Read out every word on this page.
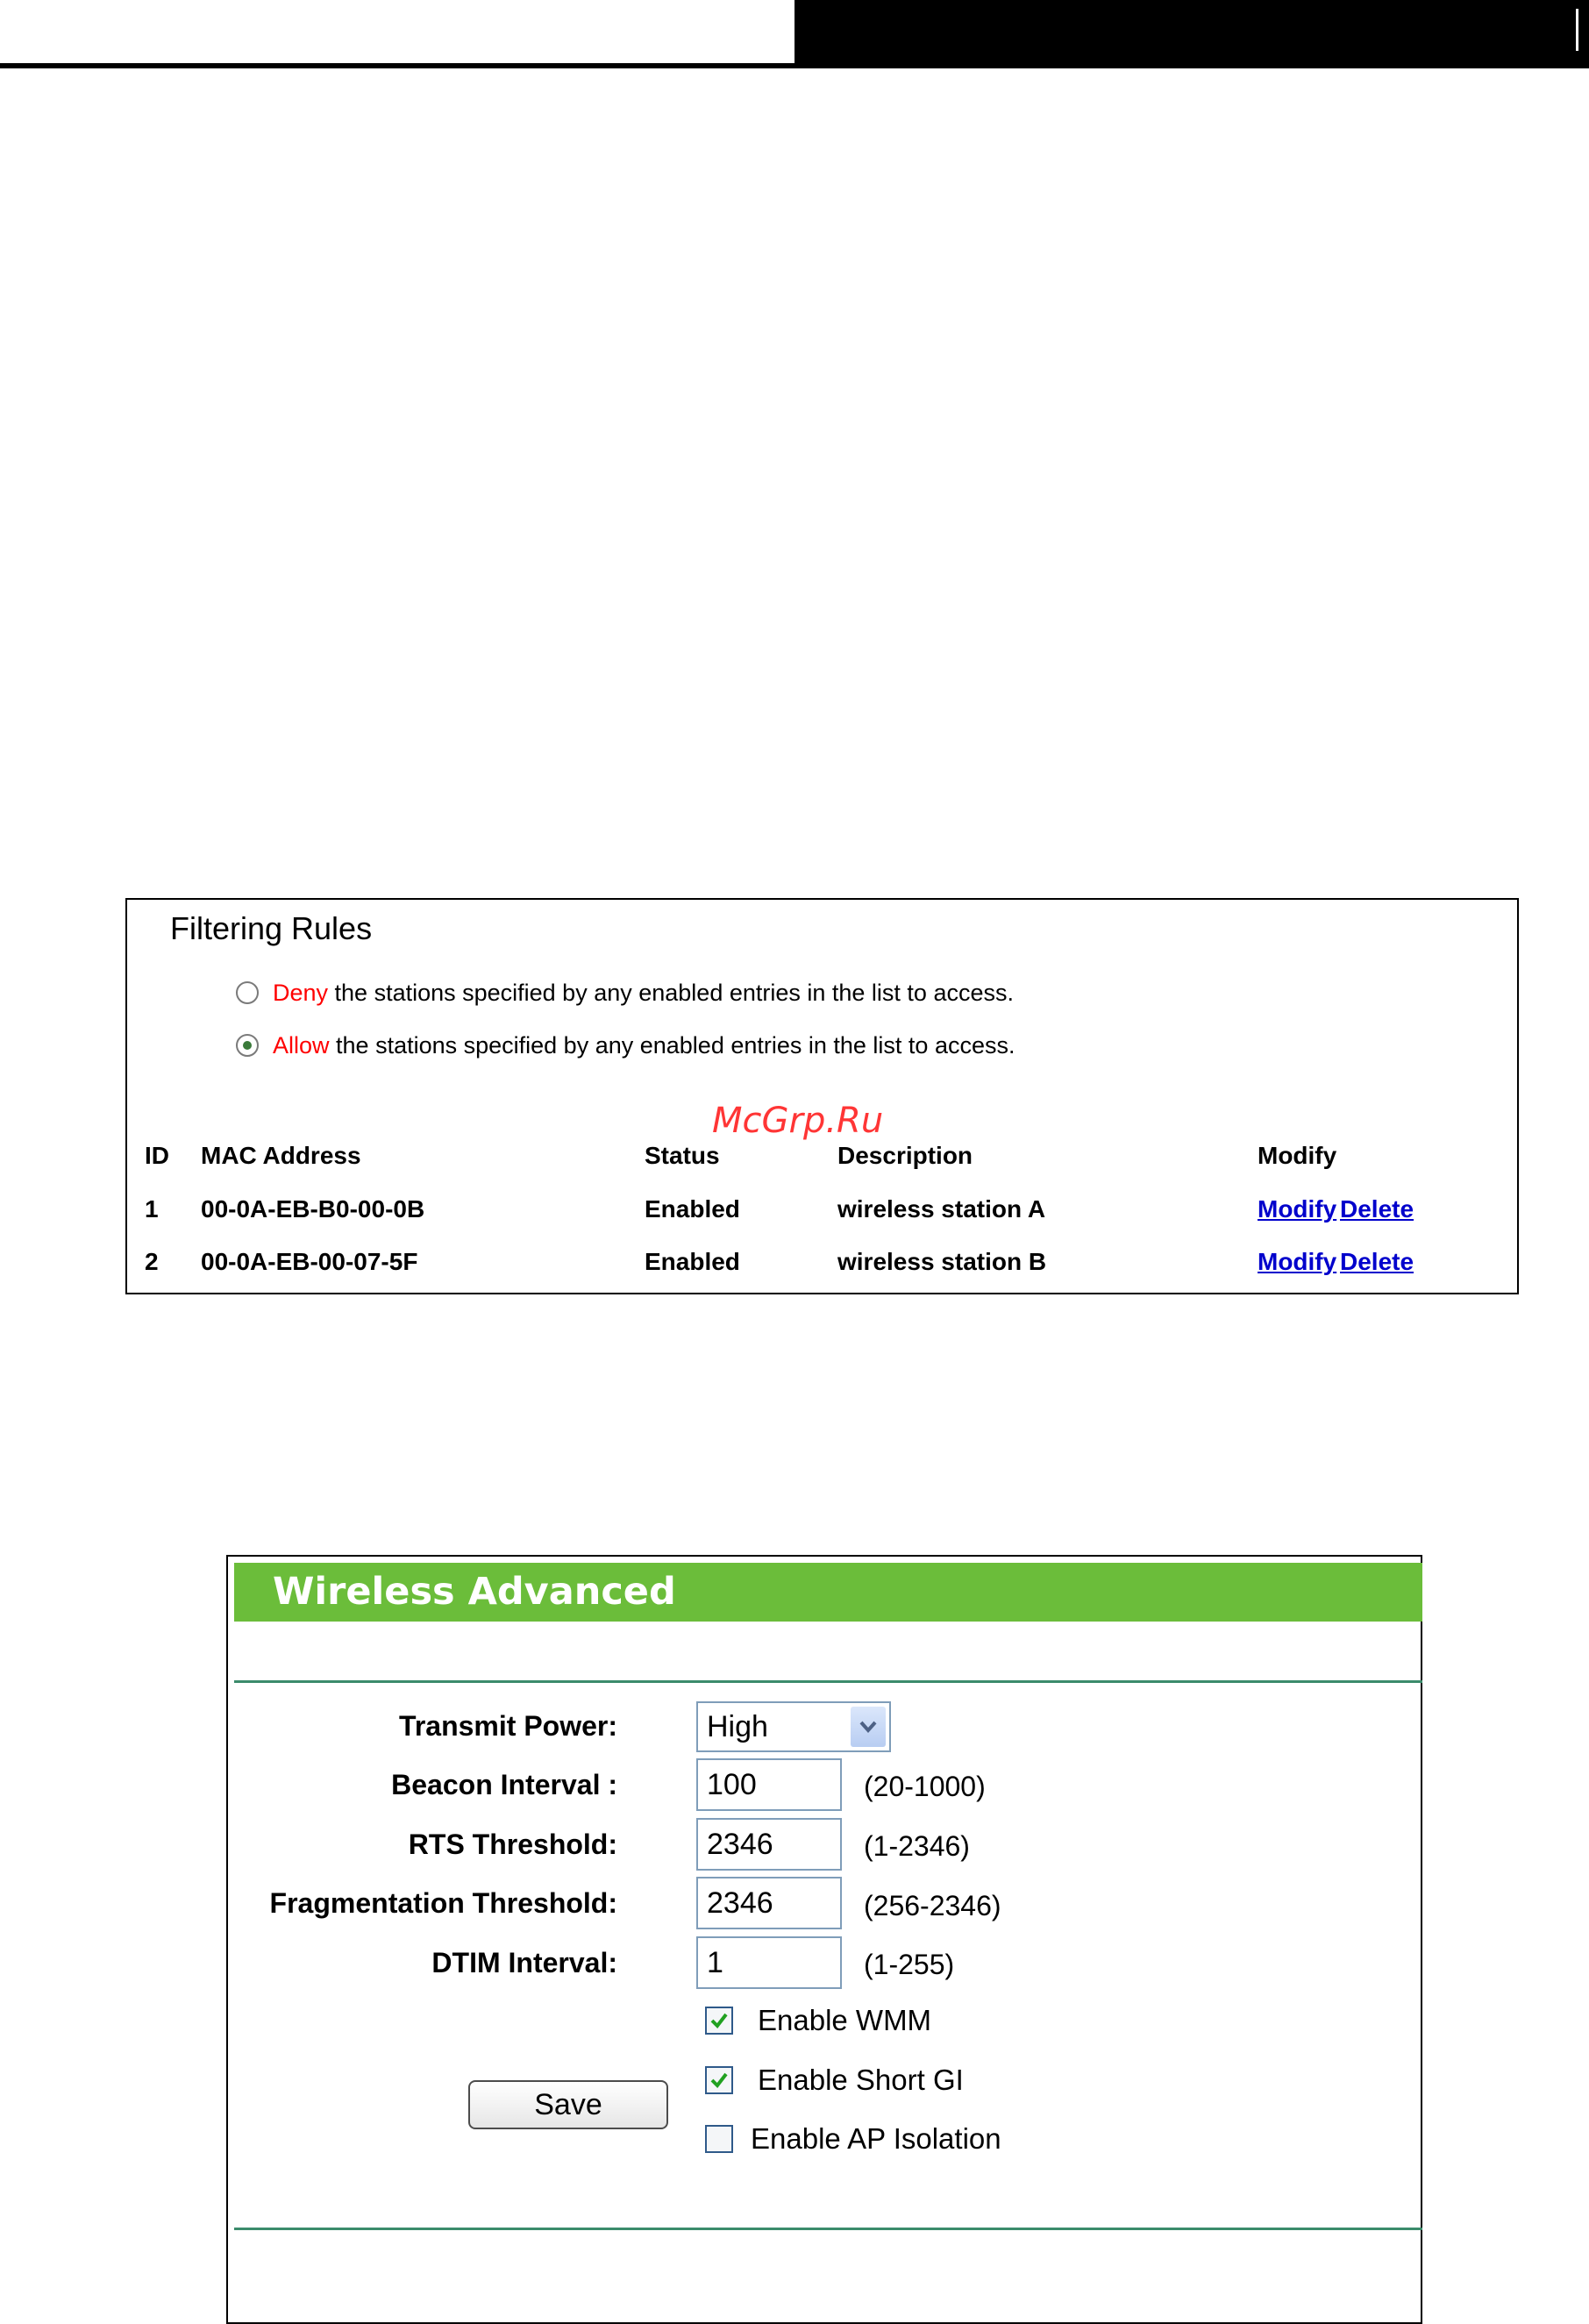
Filtering Rules
Deny the stations specified by any enabled entries in the list to access.
Allow the stations specified by any enabled entries in the list to access.
ID MAC Address	Status	Description	Modify
1 00-0A-EB-B0-00-0B	Enabled	wireless station A	Modify Delete
2 00-0A-EB-00-07-5F	Enabled	wireless station B	Modify Delete
McGrp.Ru
Wireless Advanced
Transmit Power:	High
Beacon Interval :
100	(20-1000)
RTS Threshold:
2346	(1-2346)
Fragmentation Threshold:
2346	(256-2346)
DTIM Interval:
1	(1-255)
Enable WMM
Enable Short GI
Enable AP Isolation
Save
